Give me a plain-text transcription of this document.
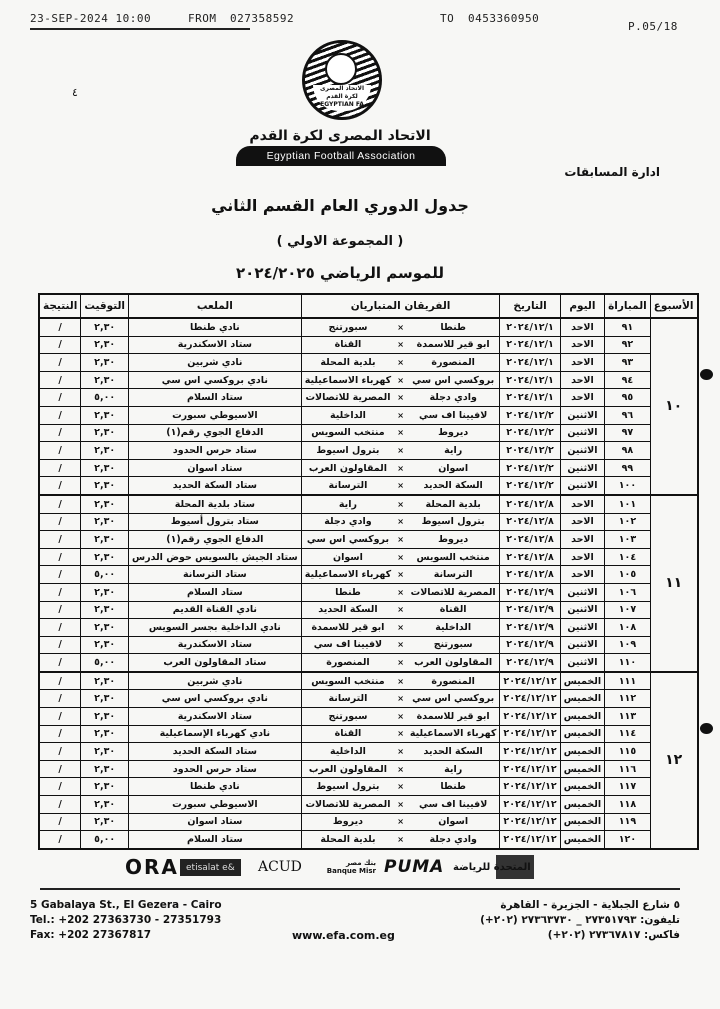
23-SEP-2024 10:00	FROM 027358592	TO 0453360950
P.05/18
٤	الاتحاد المصرى لكرة القدم EGYPTIAN FA
الاتحاد المصرى لكرة القدم
Egyptian Football Association
ادارة المسابقات
جدول الدوري العام القسم الثاني
( المجموعة الاولي )
للموسم الرياضي ٢٠٢٤/٢٠٢٥
الأسبوع	المباراة	اليوم	التاريخ	الفريقان المتباريان			الملعب	التوقيت	النتيجة
١٠	٩١	الاحد	٢٠٢٤/١٢/١	طنطا	×	سبورتنج	نادي طنطا	٢,٣٠	/
	٩٢	الاحد	٢٠٢٤/١٢/١	ابو قير للاسمدة	×	القناة	ستاد الاسكندرية	٢,٣٠	/
	٩٣	الاحد	٢٠٢٤/١٢/١	المنصورة	×	بلدية المحلة	نادي شربين	٢,٣٠	/
	٩٤	الاحد	٢٠٢٤/١٢/١	بروكسي اس سي	×	كهرباء الاسماعيلية	نادي بروكسي اس سي	٢,٣٠	/
	٩٥	الاحد	٢٠٢٤/١٢/١	وادي دجلة	×	المصرية للاتصالات	ستاد السلام	٥,٠٠	/
	٩٦	الاثنين	٢٠٢٤/١٢/٢	لافيينا اف سي	×	الداخلية	الاسيوطي سبورت	٢,٣٠	/
	٩٧	الاثنين	٢٠٢٤/١٢/٢	ديروط	×	منتخب السويس	الدفاع الجوي رقم(١)	٢,٣٠	/
	٩٨	الاثنين	٢٠٢٤/١٢/٢	راية	×	بترول اسيوط	ستاد حرس الحدود	٢,٣٠	/
	٩٩	الاثنين	٢٠٢٤/١٢/٢	اسوان	×	المقاولون العرب	ستاد اسوان	٢,٣٠	/
	١٠٠	الاثنين	٢٠٢٤/١٢/٢	السكة الحديد	×	الترسانة	ستاد السكة الحديد	٢,٣٠	/
١١	١٠١	الاحد	٢٠٢٤/١٢/٨	بلدية المحلة	×	راية	ستاد بلدية المحلة	٢,٣٠	/
	١٠٢	الاحد	٢٠٢٤/١٢/٨	بترول اسيوط	×	وادي دجلة	ستاد بترول أسيوط	٢,٣٠	/
	١٠٣	الاحد	٢٠٢٤/١٢/٨	ديروط	×	بروكسي اس سي	الدفاع الجوي رقم(١)	٢,٣٠	/
	١٠٤	الاحد	٢٠٢٤/١٢/٨	منتخب السويس	×	اسوان	ستاد الجيش بالسويس حوض الدرس	٢,٣٠	/
	١٠٥	الاحد	٢٠٢٤/١٢/٨	الترسانة	×	كهرباء الاسماعيلية	ستاد الترسانة	٥,٠٠	/
	١٠٦	الاثنين	٢٠٢٤/١٢/٩	المصرية للاتصالات	×	طنطا	ستاد السلام	٢,٣٠	/
	١٠٧	الاثنين	٢٠٢٤/١٢/٩	القناة	×	السكة الحديد	نادي القناة القديم	٢,٣٠	/
	١٠٨	الاثنين	٢٠٢٤/١٢/٩	الداخلية	×	ابو قير للاسمدة	نادي الداخلية بجسر السويس	٢,٣٠	/
	١٠٩	الاثنين	٢٠٢٤/١٢/٩	سبورتنج	×	لافيينا اف سي	ستاد الاسكندرية	٢,٣٠	/
	١١٠	الاثنين	٢٠٢٤/١٢/٩	المقاولون العرب	×	المنصورة	ستاد المقاولون العرب	٥,٠٠	/
١٢	١١١	الخميس	٢٠٢٤/١٢/١٢	المنصورة	×	منتخب السويس	نادي شربين	٢,٣٠	/
	١١٢	الخميس	٢٠٢٤/١٢/١٢	بروكسي اس سي	×	الترسانة	نادي بروكسي اس سي	٢,٣٠	/
	١١٣	الخميس	٢٠٢٤/١٢/١٢	ابو قير للاسمدة	×	سبورتنج	ستاد الاسكندرية	٢,٣٠	/
	١١٤	الخميس	٢٠٢٤/١٢/١٢	كهرباء الاسماعيلية	×	القناة	نادي كهرباء الإسماعيلية	٢,٣٠	/
	١١٥	الخميس	٢٠٢٤/١٢/١٢	السكة الحديد	×	الداخلية	ستاد السكة الحديد	٢,٣٠	/
	١١٦	الخميس	٢٠٢٤/١٢/١٢	راية	×	المقاولون العرب	ستاد حرس الحدود	٢,٣٠	/
	١١٧	الخميس	٢٠٢٤/١٢/١٢	طنطا	×	بترول اسيوط	نادي طنطا	٢,٣٠	/
	١١٨	الخميس	٢٠٢٤/١٢/١٢	لافيينا اف سي	×	المصرية للاتصالات	الاسيوطي سبورت	٢,٣٠	/
	١١٩	الخميس	٢٠٢٤/١٢/١٢	اسوان	×	ديروط	ستاد اسوان	٢,٣٠	/
	١٢٠	الخميس	٢٠٢٤/١٢/١٢	وادي دجلة	×	بلدية المحلة	ستاد السلام	٥,٠٠	/
ORA etisalat e&	ACUD	بنك مصر Banque Misr PUMA المتحدة للرياضة
5 Gabalaya St., El Gezera - Cairo
Tel.: +202 27363730 - 27351793
Fax: +202 27367817	www.efa.com.eg
٥ شارع الجبلاية - الجزيرة - القاهرة
تليفون: ٢٧٣٥١٧٩٣ _ ٢٧٣٦٣٧٣٠ (٢٠٢+)
فاكس: ٢٧٣٦٧٨١٧ (٢٠٢+)
